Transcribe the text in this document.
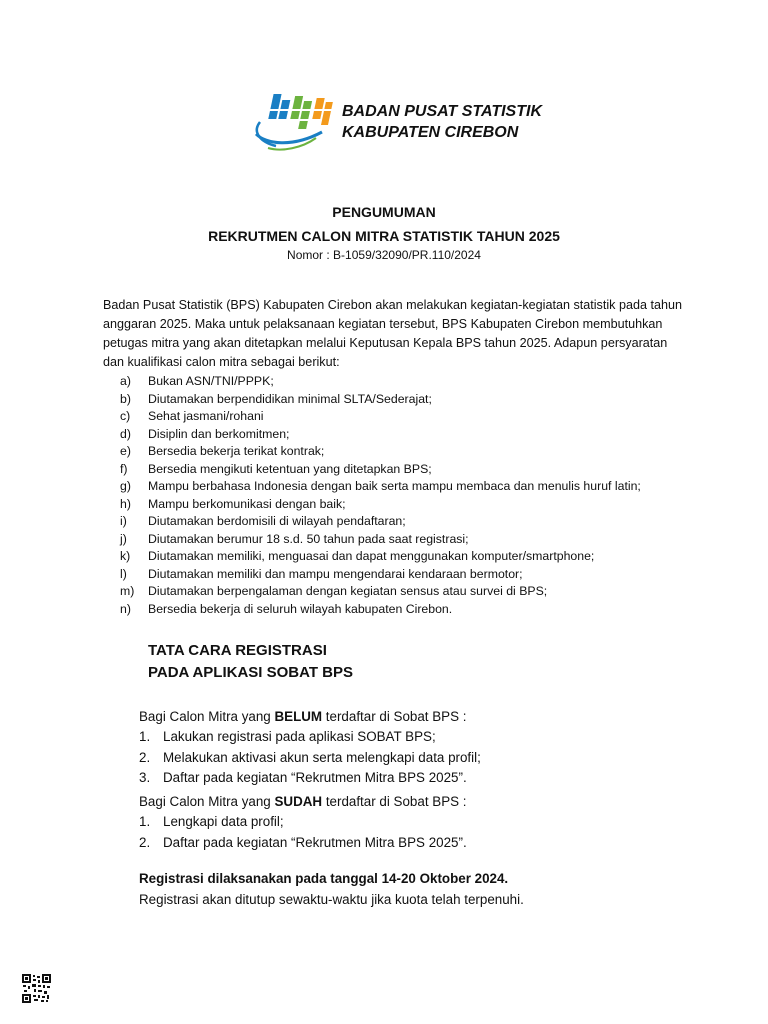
BADAN PUSAT STATISTIK
KABUPATEN CIREBON
PENGUMUMAN
REKRUTMEN CALON MITRA STATISTIK TAHUN 2025
Nomor : B-1059/32090/PR.110/2024
Badan Pusat Statistik (BPS) Kabupaten Cirebon akan melakukan kegiatan-kegiatan statistik pada tahun
anggaran 2025. Maka untuk pelaksanaan kegiatan tersebut, BPS Kabupaten Cirebon membutuhkan
petugas mitra yang akan ditetapkan melalui Keputusan Kepala BPS tahun 2025. Adapun persyaratan
dan kualifikasi calon mitra sebagai berikut:
a) Bukan ASN/TNI/PPPK;
b) Diutamakan berpendidikan minimal SLTA/Sederajat;
c) Sehat jasmani/rohani
d) Disiplin dan berkomitmen;
e) Bersedia bekerja terikat kontrak;
f) Bersedia mengikuti ketentuan yang ditetapkan BPS;
g) Mampu berbahasa Indonesia dengan baik serta mampu membaca dan menulis huruf latin;
h) Mampu berkomunikasi dengan baik;
i) Diutamakan berdomisili di wilayah pendaftaran;
j) Diutamakan berumur 18 s.d. 50 tahun pada saat registrasi;
k) Diutamakan memiliki, menguasai dan dapat menggunakan komputer/smartphone;
l) Diutamakan memiliki dan mampu mengendarai kendaraan bermotor;
m) Diutamakan berpengalaman dengan kegiatan sensus atau survei di BPS;
n) Bersedia bekerja di seluruh wilayah kabupaten Cirebon.
TATA CARA REGISTRASI
PADA APLIKASI SOBAT BPS
Bagi Calon Mitra yang BELUM terdaftar di Sobat BPS :
1. Lakukan registrasi pada aplikasi SOBAT BPS;
2. Melakukan aktivasi akun serta melengkapi data profil;
3. Daftar pada kegiatan “Rekrutmen Mitra BPS 2025”.
Bagi Calon Mitra yang SUDAH terdaftar di Sobat BPS :
1. Lengkapi data profil;
2. Daftar pada kegiatan “Rekrutmen Mitra BPS 2025”.
Registrasi dilaksanakan pada tanggal 14-20 Oktober 2024.
Registrasi akan ditutup sewaktu-waktu jika kuota telah terpenuhi.
